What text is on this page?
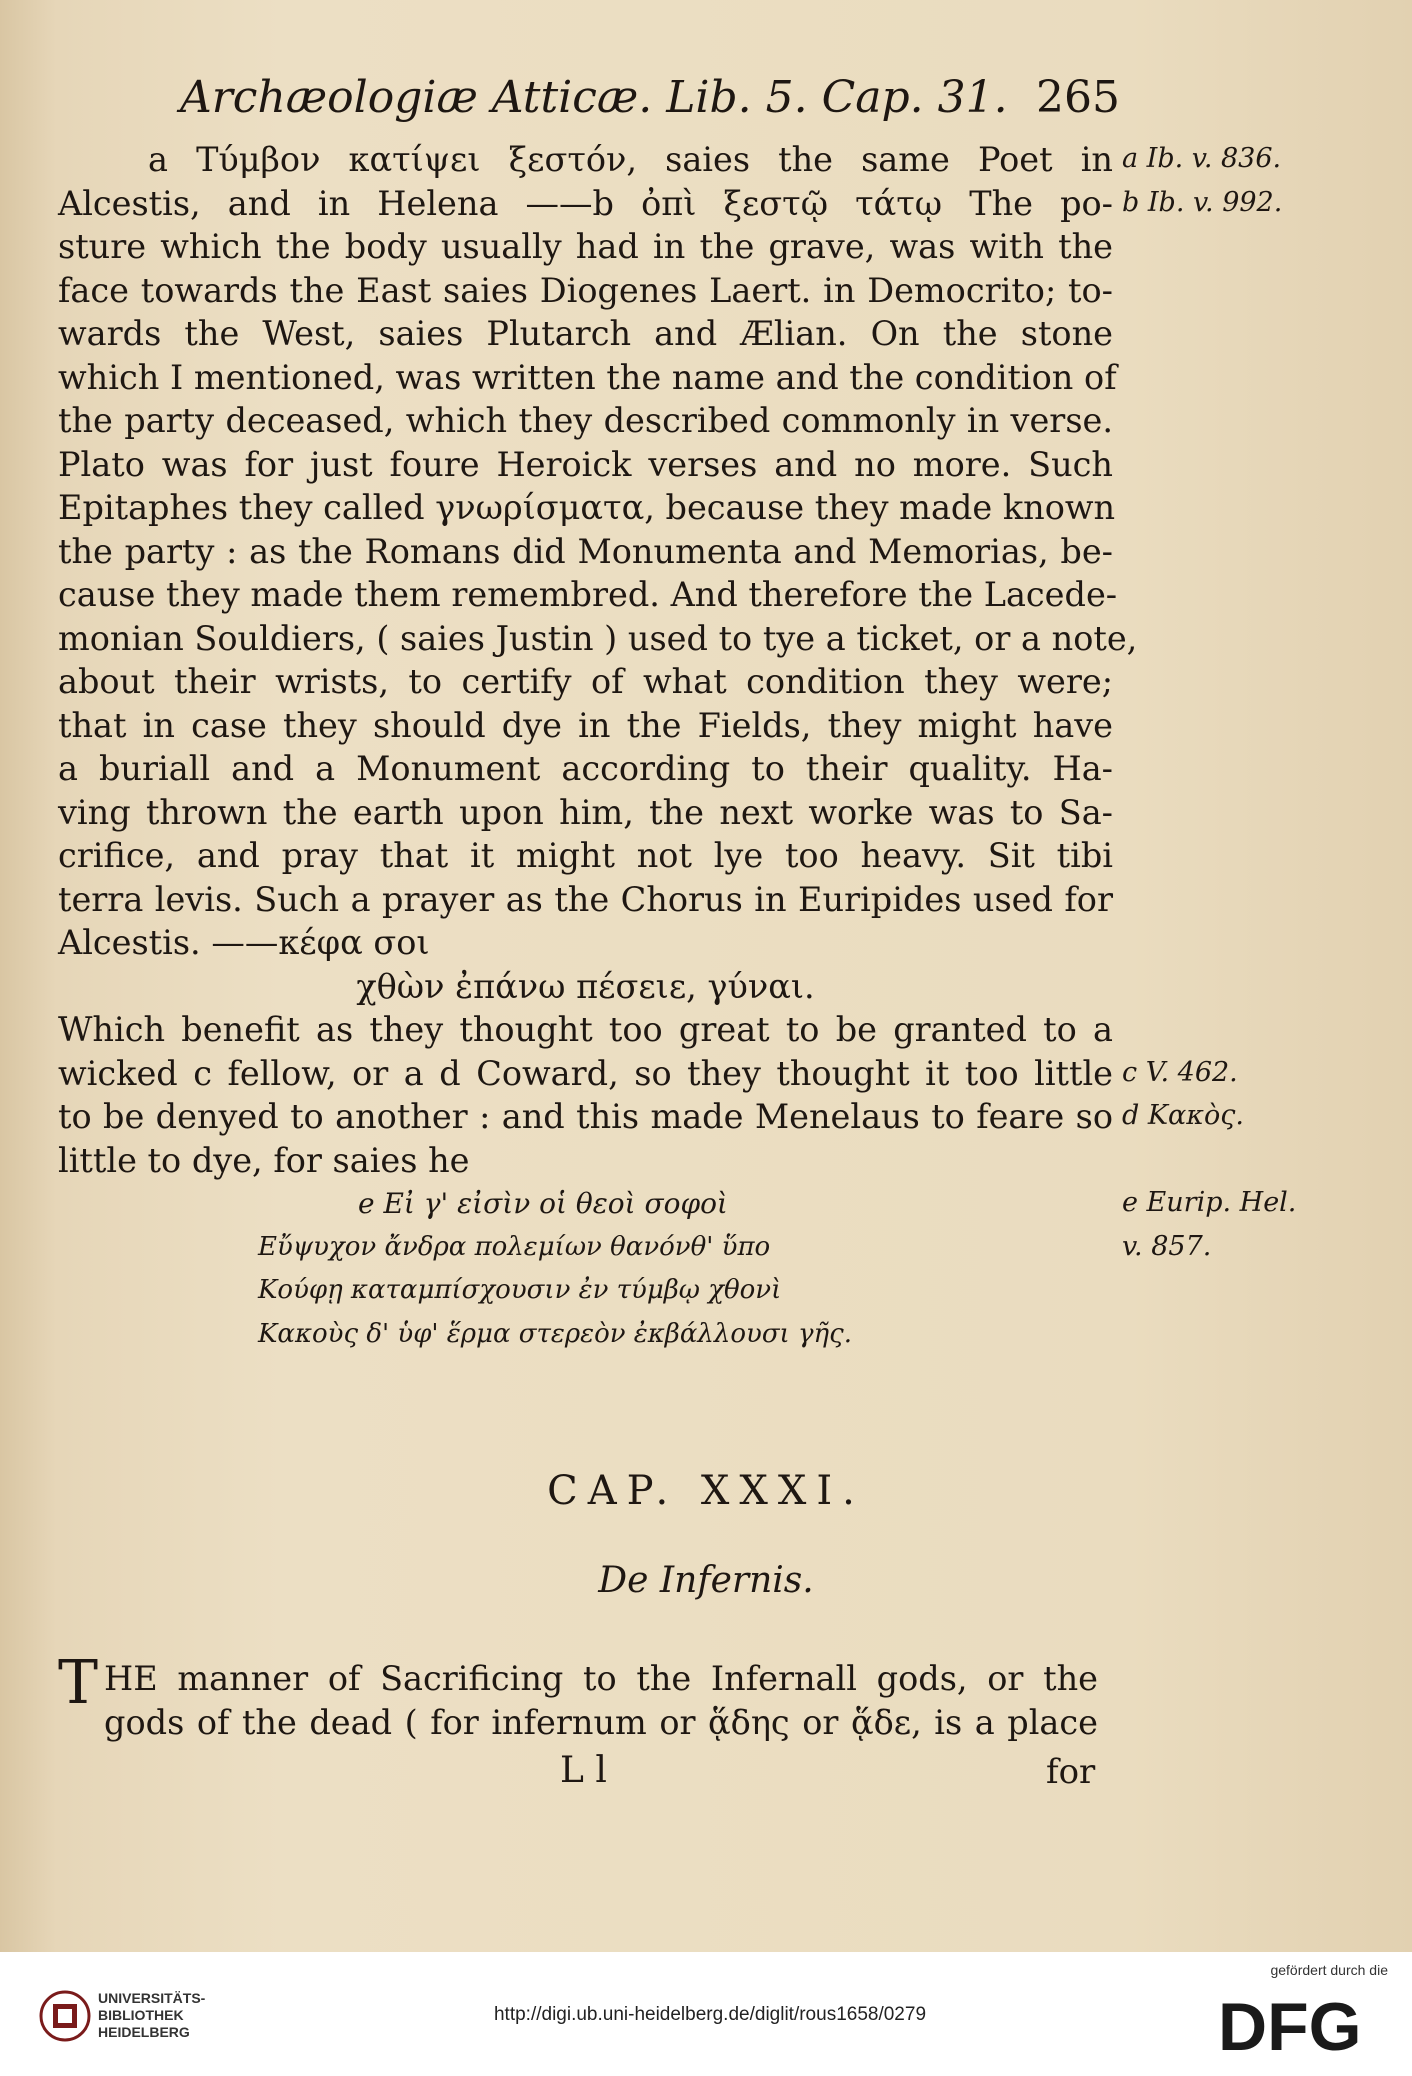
Archæologiæ Atticæ. Lib. 5. Cap. 31. 265
a Τύμβον κατίψει ξεστόν, saies the same Poet in
Alcestis, and in Helena ——b ὀπὶ ξεστῷ τάτῳ The po-
sture which the body usually had in the grave, was with the
face towards the East saies Diogenes Laert. in Democrito; to-
wards the West, saies Plutarch and Ælian. On the stone
which I mentioned, was written the name and the condition of
the party deceased, which they described commonly in verse.
Plato was for just foure Heroick verses and no more. Such
Epitaphes they called γνωρίσματα, because they made known
the party : as the Romans did Monumenta and Memorias, be-
cause they made them remembred. And therefore the Lacede-
monian Souldiers, ( saies Justin ) used to tye a ticket, or a note,
about their wrists, to certify of what condition they were;
that in case they should dye in the Fields, they might have
a buriall and a Monument according to their quality. Ha-
ving thrown the earth upon him, the next worke was to Sa-
crifice, and pray that it might not lye too heavy. Sit tibi
terra levis. Such a prayer as the Chorus in Euripides used for
Alcestis. ——κέφα σοι
χθὼν ἐπάνω πέσειε, γύναι.
Which benefit as they thought too great to be granted to a
wicked c fellow, or a d Coward, so they thought it too little
to be denyed to another : and this made Menelaus to feare so
little to dye, for saies he
e Εἰ γ' εἰσὶν οἱ θεοὶ σοφοὶ
Εὔψυχον ἄνδρα πολεμίων θανόνθ' ὕπο
Κούφῃ καταμπίσχουσιν ἐν τύμβῳ χθονὶ
Κακοὺς δ' ὑφ' ἕρμα στερεὸν ἐκβάλλουσι γῆς.
a Ib. v. 836.
b Ib. v. 992.
c V. 462.
d Κακὸς.
e Eurip. Hel.
v. 857.
CAP. XXXI.
De Infernis.
T HE manner of Sacrificing to the Infernall gods, or the
gods of the dead ( for infernum or ᾅδης or ᾅδε, is a place
L l	for
UNIVERSITÄTS-
BIBLIOTHEK
HEIDELBERG
http://digi.ub.uni-heidelberg.de/diglit/rous1658/0279
gefördert durch die
DFG
